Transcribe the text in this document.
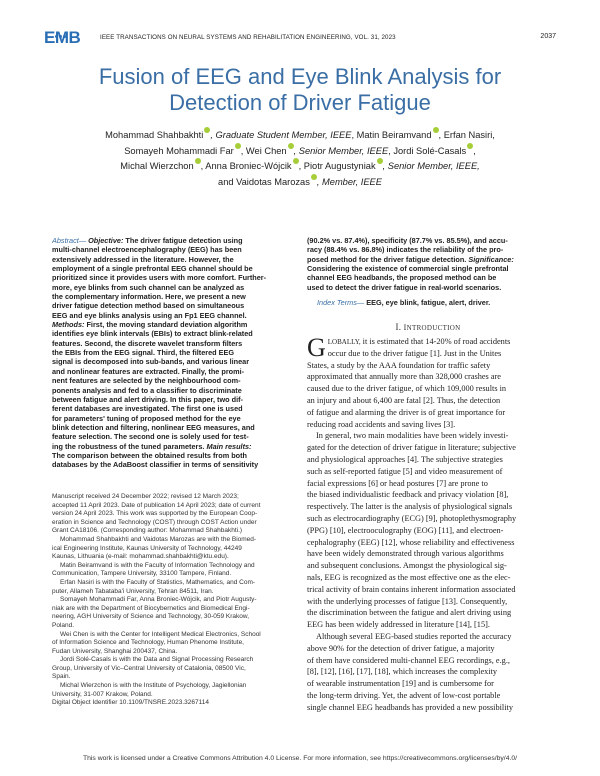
EMB	IEEE TRANSACTIONS ON NEURAL SYSTEMS AND REHABILITATION ENGINEERING, VOL. 31, 2023	2037
Fusion of EEG and Eye Blink Analysis for
Detection of Driver Fatigue
Mohammad Shahbakhti , Graduate Student Member, IEEE, Matin Beiramvand , Erfan Nasiri,
Somayeh Mohammadi Far , Wei Chen , Senior Member, IEEE, Jordi Solé-Casals ,
Michal Wierzchon , Anna Broniec-Wójcik , Piotr Augustyniak , Senior Member, IEEE,
and Vaidotas Marozas , Member, IEEE
Abstract— Objective: The driver fatigue detection using
multi-channel electroencephalography (EEG) has been
extensively addressed in the literature. However, the
employment of a single prefrontal EEG channel should be
prioritized since it provides users with more comfort. Further-
more, eye blinks from such channel can be analyzed as
the complementary information. Here, we present a new
driver fatigue detection method based on simultaneous
EEG and eye blinks analysis using an Fp1 EEG channel.
Methods: First, the moving standard deviation algorithm
identifies eye blink intervals (EBIs) to extract blink-related
features. Second, the discrete wavelet transform filters
the EBIs from the EEG signal. Third, the filtered EEG
signal is decomposed into sub-bands, and various linear
and nonlinear features are extracted. Finally, the promi-
nent features are selected by the neighbourhood com-
ponents analysis and fed to a classifier to discriminate
between fatigue and alert driving. In this paper, two dif-
ferent databases are investigated. The first one is used
for parameters' tuning of proposed method for the eye
blink detection and filtering, nonlinear EEG measures, and
feature selection. The second one is solely used for test-
ing the robustness of the tuned parameters. Main results:
The comparison between the obtained results from both
databases by the AdaBoost classifier in terms of sensitivity
(90.2% vs. 87.4%), specificity (87.7% vs. 85.5%), and accu-
racy (88.4% vs. 86.8%) indicates the reliability of the pro-
posed method for the driver fatigue detection. Significance:
Considering the existence of commercial single prefrontal
channel EEG headbands, the proposed method can be
used to detect the driver fatigue in real-world scenarios.
Index Terms— EEG, eye blink, fatigue, alert, driver.
Manuscript received 24 December 2022; revised 12 March 2023;
accepted 11 April 2023. Date of publication 14 April 2023; date of current
version 24 April 2023. This work was supported by the European Coop-
eration in Science and Technology (COST) through COST Action under
Grant CA18106. (Corresponding author: Mohammad Shahbakhti.)
Mohammad Shahbakhti and Vaidotas Marozas are with the Biomed-
ical Engineering Institute, Kaunas University of Technology, 44249
Kaunas, Lithuania (e-mail: mohammad.shahbakhti@ktu.edu).
Matin Beiramvand is with the Faculty of Information Technology and
Communication, Tampere University, 33100 Tampere, Finland.
Erfan Nasiri is with the Faculty of Statistics, Mathematics, and Com-
puter, Allameh Tabataba'i University, Tehran 84511, Iran.
Somayeh Mohammadi Far, Anna Broniec-Wójcik, and Piotr Augusty-
niak are with the Department of Biocybernetics and Biomedical Engi-
neering, AGH University of Science and Technology, 30-059 Krakow,
Poland.
Wei Chen is with the Center for Intelligent Medical Electronics, School
of Information Science and Technology, Human Phenome Institute,
Fudan University, Shanghai 200437, China.
Jordi Solé-Casals is with the Data and Signal Processing Research
Group, University of Vic–Central University of Catalonia, 08500 Vic,
Spain.
Michal Wierzchon is with the Institute of Psychology, Jagiellonian
University, 31-007 Krakow, Poland.
Digital Object Identifier 10.1109/TNSRE.2023.3267114
I. INTRODUCTION
G LOBALLY, it is estimated that 14-20% of road accidents
occur due to the driver fatigue [1]. Just in the Unites
States, a study by the AAA foundation for traffic safety
approximated that annually more than 328,000 crashes are
caused due to the driver fatigue, of which 109,000 results in
an injury and about 6,400 are fatal [2]. Thus, the detection
of fatigue and alarming the driver is of great importance for
reducing road accidents and saving lives [3].
In general, two main modalities have been widely investi-
gated for the detection of driver fatigue in literature; subjective
and physiological approaches [4]. The subjective strategies
such as self-reported fatigue [5] and video measurement of
facial expressions [6] or head postures [7] are prone to
the biased individualistic feedback and privacy violation [8],
respectively. The latter is the analysis of physiological signals
such as electrocardiography (ECG) [9], photoplethysmography
(PPG) [10], electrooculography (EOG) [11], and electroen-
cephalography (EEG) [12], whose reliability and effectiveness
have been widely demonstrated through various algorithms
and subsequent conclusions. Amongst the physiological sig-
nals, EEG is recognized as the most effective one as the elec-
trical activity of brain contains inherent information associated
with the underlying processes of fatigue [13]. Consequently,
the discrimination between the fatigue and alert driving using
EEG has been widely addressed in literature [14], [15].
Although several EEG-based studies reported the accuracy
above 90% for the detection of driver fatigue, a majority
of them have considered multi-channel EEG recordings, e.g.,
[8], [12], [16], [17], [18], which increases the complexity
of wearable instrumentation [19] and is cumbersome for
the long-term driving. Yet, the advent of low-cost portable
single channel EEG headbands has provided a new possibility
This work is licensed under a Creative Commons Attribution 4.0 License. For more information, see https://creativecommons.org/licenses/by/4.0/
